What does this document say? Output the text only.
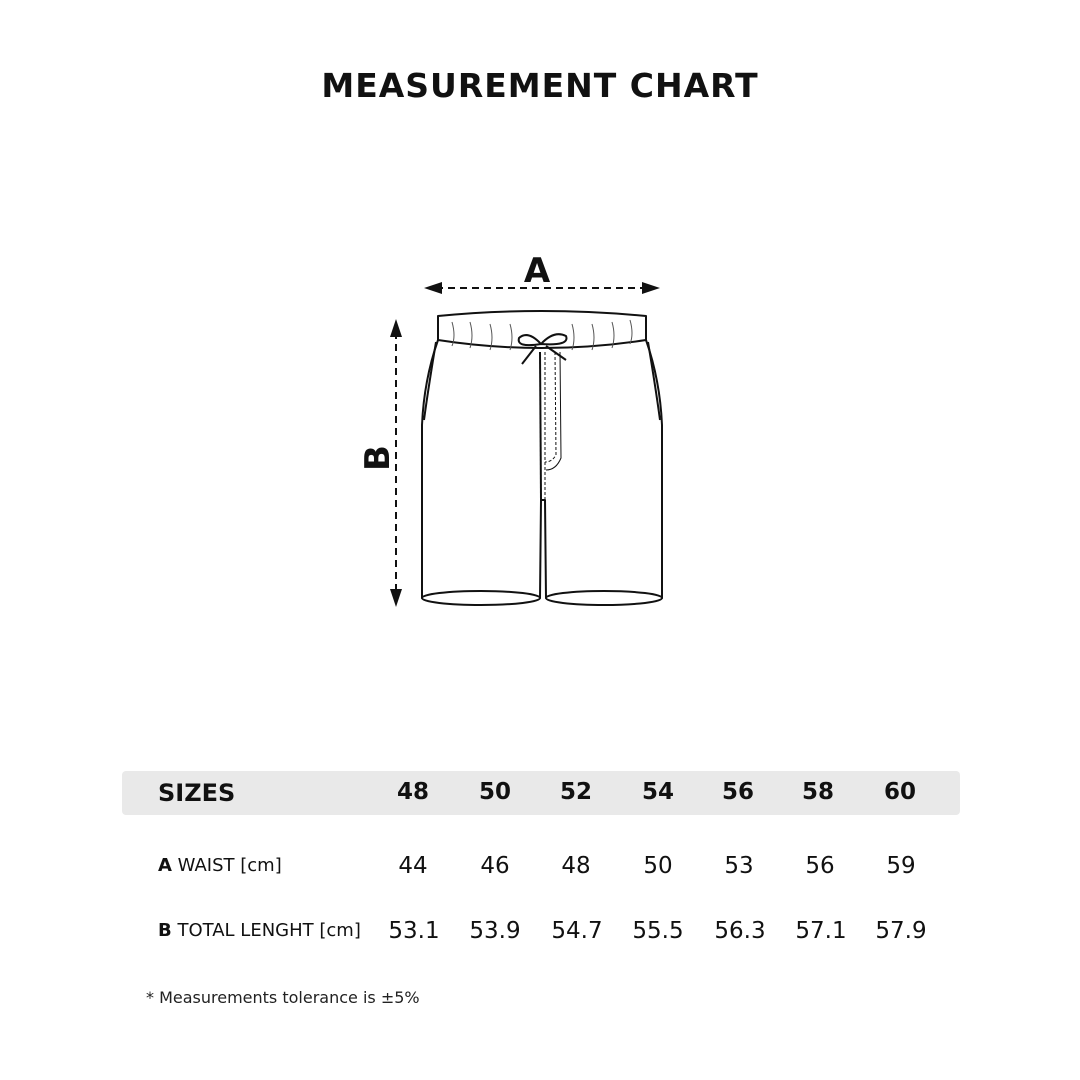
MEASUREMENT CHART
A
B
SIZES	48	50	52	54	56	58	60
A WAIST [cm]	44	46	48	50	53	56	59
B TOTAL LENGHT [cm]	53.1	53.9	54.7	55.5	56.3	57.1	57.9
* Measurements tolerance is ±5%
